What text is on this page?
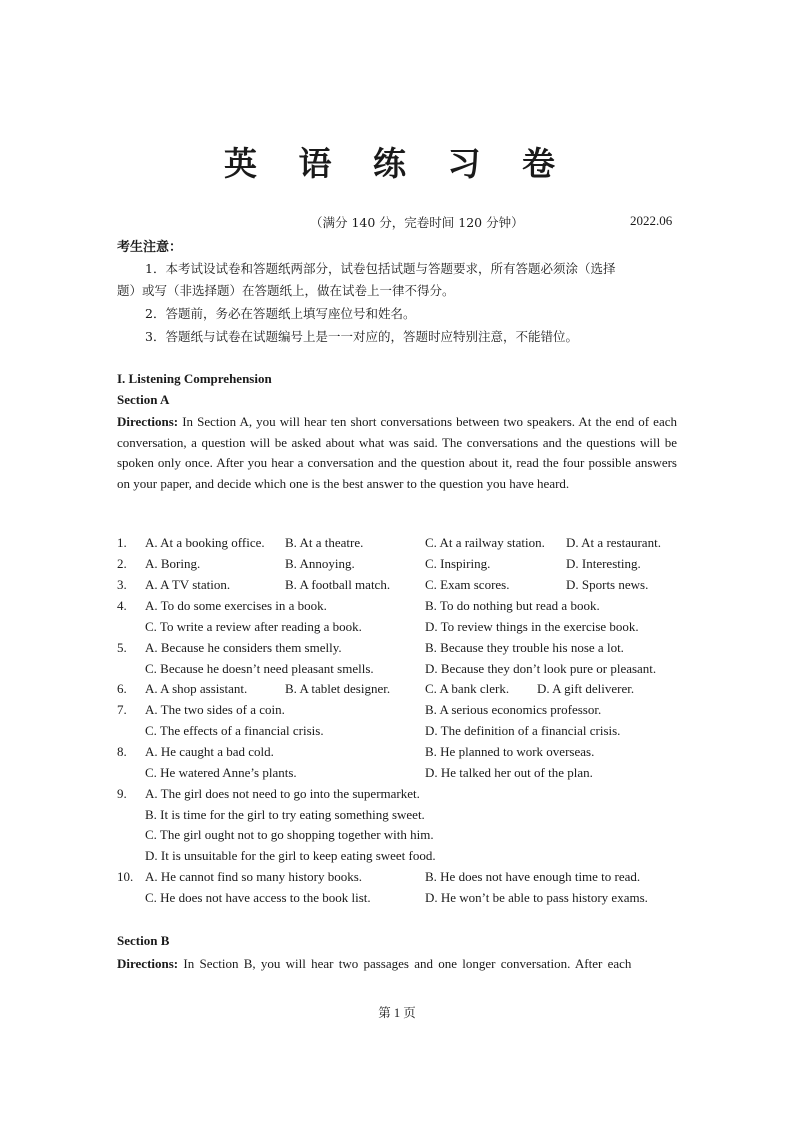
英 语 练 习 卷
（满分 140 分，完卷时间 120 分钟）	2022.06
考生注意：
1．本考试设试卷和答题纸两部分，试卷包括试题与答题要求，所有答题必须涂（选择

题）或写（非选择题）在答题纸上，做在试卷上一律不得分。
2．答题前，务必在答题纸上填写座位号和姓名。
3．答题纸与试卷在试题编号上是一一对应的，答题时应特别注意，不能错位。
I. Listening Comprehension
Section A
Directions: In Section A, you will hear ten short conversations between two speakers. At the end of each conversation, a question will be asked about what was said. The conversations and the questions will be spoken only once. After you hear a conversation and the question about it, read the four possible answers on your paper, and decide which one is the best answer to the question you have heard.
1. A. At a booking office. B. At a theatre.	C. At a railway station. D. At a restaurant.
2. A. Boring.	B. Annoying.	C. Inspiring.	D. Interesting.
3. A. A TV station.	B. A football match.	C. Exam scores.	D. Sports news.
4. A. To do some exercises in a book.	B. To do nothing but read a book.
C. To write a review after reading a book.	D. To review things in the exercise book.
5. A. Because he considers them smelly.	B. Because they trouble his nose a lot.
C. Because he doesn’t need pleasant smells.	D. Because they don’t look pure or pleasant.
6. A. A shop assistant.	B. A tablet designer.	C. A bank clerk. D. A gift deliverer.
7. A. The two sides of a coin.	B. A serious economics professor.
C. The effects of a financial crisis.	D. The definition of a financial crisis.
8. A. He caught a bad cold.	B. He planned to work overseas.
C. He watered Anne’s plants.	D. He talked her out of the plan.
9. A. The girl does not need to go into the supermarket.
B. It is time for the girl to try eating something sweet.
C. The girl ought not to go shopping together with him.
D. It is unsuitable for the girl to keep eating sweet food.
10. A. He cannot find so many history books.	B. He does not have enough time to read.
C. He does not have access to the book list.	D. He won’t be able to pass history exams.
Section B
Directions: In Section B, you will hear two passages and one longer conversation. After each
第 1 页
